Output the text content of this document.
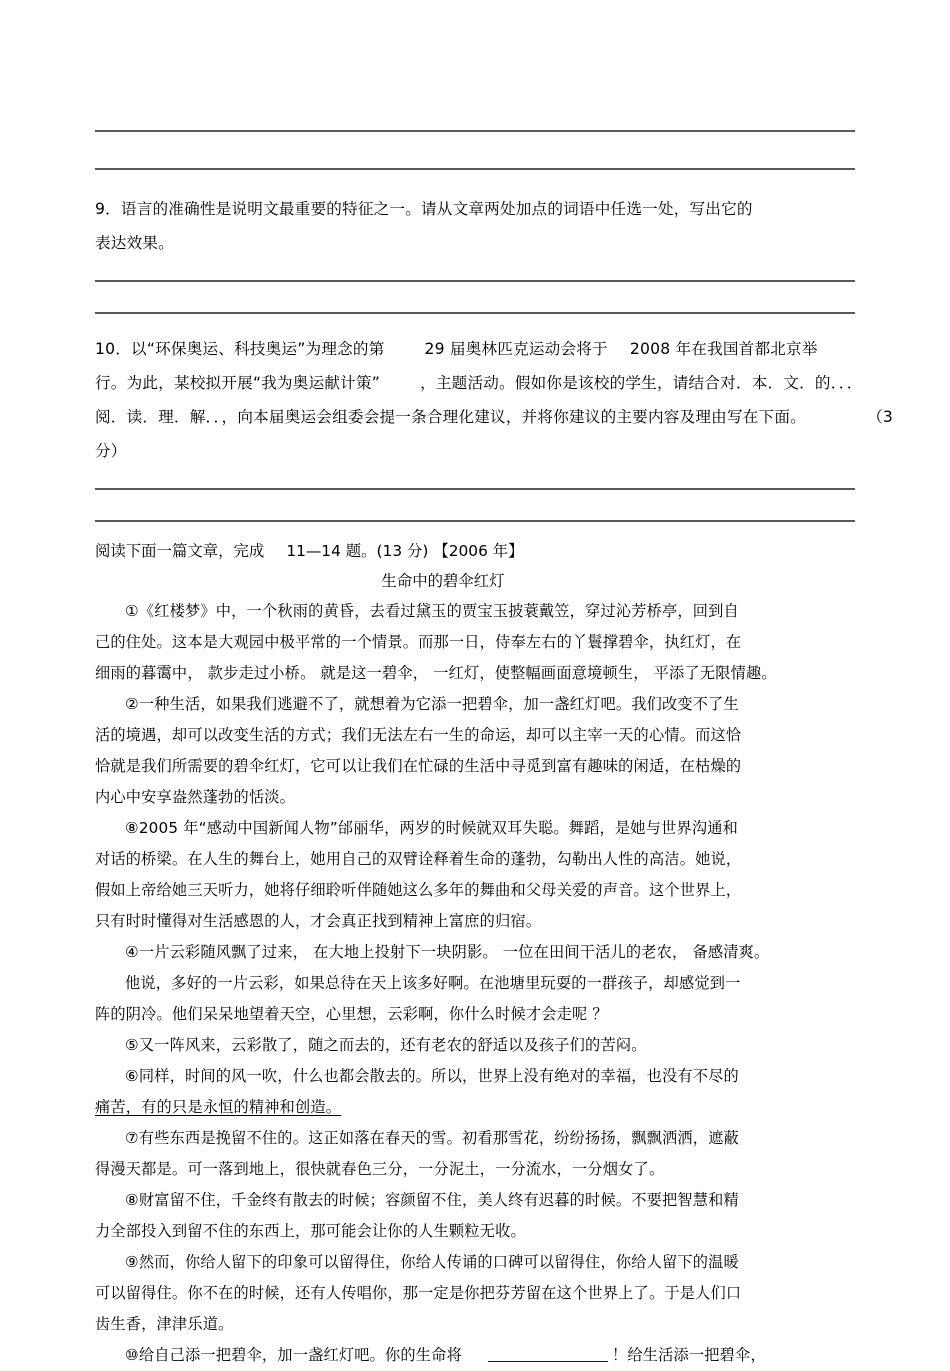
9．语言的准确性是说明文最重要的特征之一。请从文章两处加点的词语中任选一处，写出它的
表达效果。
10．以“环保奥运、科技奥运”为理念的第	29 届奥林匹克运动会将于 2008 年在我国首都北京举
行。为此，某校拟开展“我为奥运献计策”	，主题活动。假如你是该校的学生，请结合对．本．文．的．．．
阅．读．理．解．．，向本届奥运会组委会提一条合理化建议，并将你建议的主要内容及理由写在下面。	（3
分）
阅读下面一篇文章，完成 11—14 题。(13 分) 【2006 年】
生命中的碧伞红灯
①《红楼梦》中，一个秋雨的黄昏，去看过黛玉的贾宝玉披蓑戴笠，穿过沁芳桥亭，回到自
己的住处。这本是大观园中极平常的一个情景。而那一日，侍奉左右的丫鬟撑碧伞，执红灯，在
细雨的暮霭中， 款步走过小桥。 就是这一碧伞， 一红灯，使整幅画面意境顿生， 平添了无限情趣。
②一种生活，如果我们逃避不了，就想着为它添一把碧伞，加一盏红灯吧。我们改变不了生
活的境遇，却可以改变生活的方式；我们无法左右一生的命运，却可以主宰一天的心情。而这恰
恰就是我们所需要的碧伞红灯，它可以让我们在忙碌的生活中寻觅到富有趣味的闲适，在枯燥的
内心中安享盎然蓬勃的恬淡。
⑧2005 年“感动中国新闻人物”邰丽华，两岁的时候就双耳失聪。舞蹈，是她与世界沟通和
对话的桥梁。在人生的舞台上，她用自己的双臂诠释着生命的蓬勃，勾勒出人性的高洁。她说，
假如上帝给她三天听力，她将仔细聆听伴随她这么多年的舞曲和父母关爱的声音。这个世界上，
只有时时懂得对生活感恩的人，才会真正找到精神上富庶的归宿。
④一片云彩随风飘了过来， 在大地上投射下一块阴影。 一位在田间干活儿的老农， 备感清爽。
他说，多好的一片云彩，如果总待在天上该多好啊。在池塘里玩耍的一群孩子，却感觉到一
阵的阴冷。他们呆呆地望着天空，心里想，云彩啊，你什么时候才会走呢 ？
⑤又一阵风来，云彩散了，随之而去的，还有老农的舒适以及孩子们的苦闷。
⑥同样，时间的风一吹，什么也都会散去的。所以，世界上没有绝对的幸福，也没有不尽的
痛苦，有的只是永恒的精神和创造。
⑦有些东西是挽留不住的。这正如落在春天的雪。初看那雪花，纷纷扬扬，飘飘洒洒，遮蔽
得漫天都是。可一落到地上，很快就春色三分，一分泥土，一分流水，一分烟女了。
⑧财富留不住，千金终有散去的时候；容颜留不住，美人终有迟暮的时候。不要把智慧和精
力全部投入到留不住的东西上，那可能会让你的人生颗粒无收。
⑨然而，你给人留下的印象可以留得住，你给人传诵的口碑可以留得住，你给人留下的温暖
可以留得住。你不在的时候，还有人传唱你，那一定是你把芬芳留在这个世界上了。于是人们口
齿生香，津津乐道。
⑩给自己添一把碧伞，加一盏红灯吧。你的生命将	！给生活添一把碧伞，
